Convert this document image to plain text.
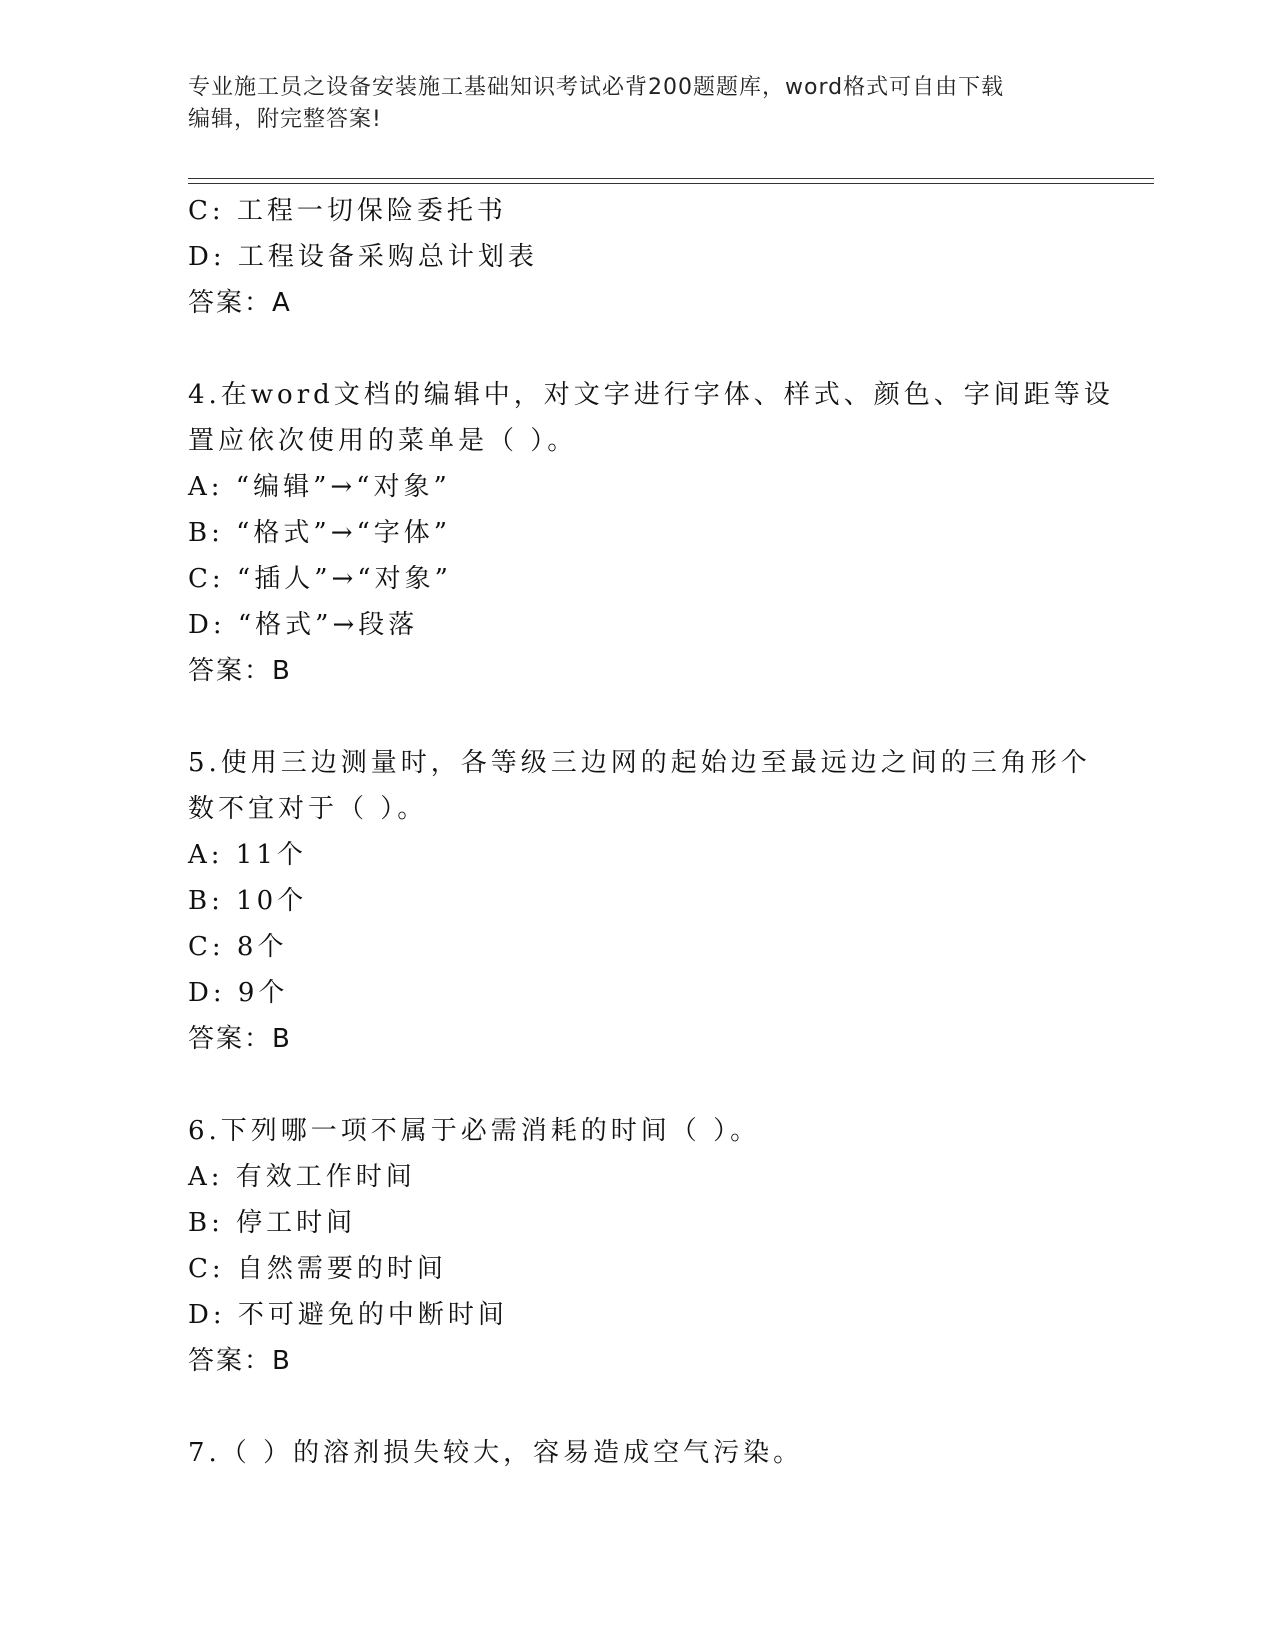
专业施工员之设备安装施工基础知识考试必背200题题库，word格式可自由下载
编辑，附完整答案!
C: 工程一切保险委托书
D: 工程设备采购总计划表
答案：A
4.在word文档的编辑中，对文字进行字体、样式、颜色、字间距等设
置应依次使用的菜单是（ ）。
A: “编辑”→“对象”
B: “格式”→“字体”
C: “插人”→“对象”
D: “格式”→段落
答案：B
5.使用三边测量时，各等级三边网的起始边至最远边之间的三角形个
数不宜对于（ ）。
A: 11个
B: 10个
C: 8个
D: 9个
答案：B
6.下列哪一项不属于必需消耗的时间（ ）。
A: 有效工作时间
B: 停工时间
C: 自然需要的时间
D: 不可避免的中断时间
答案：B
7.（ ）的溶剂损失较大，容易造成空气污染。
